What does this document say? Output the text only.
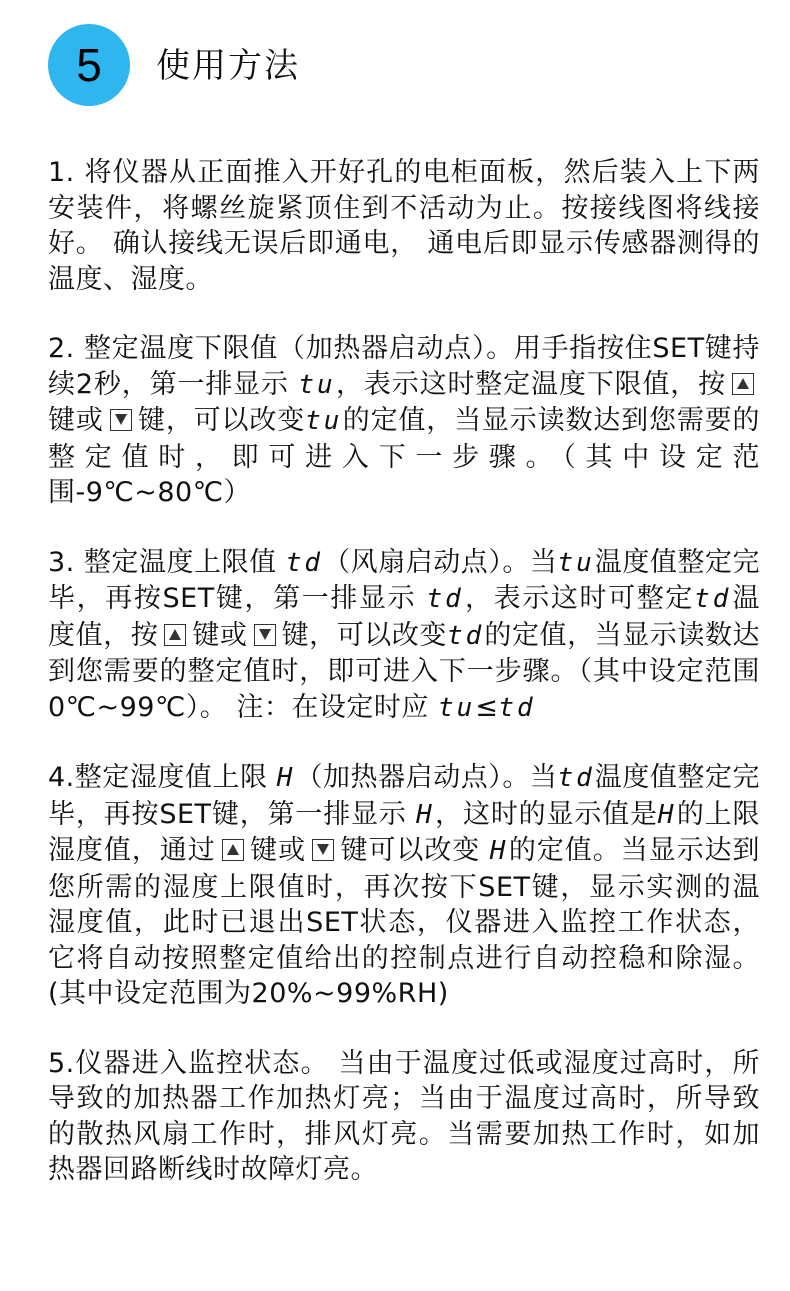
5	使用方法

1. 将仪器从正面推入开好孔的电柜面板，然后装入上下两安装件，将螺丝旋紧顶住到不活动为止。按接线图将线接好。 确认接线无误后即通电， 通电后即显示传感器测得的温度、湿度。

2. 整定温度下限值（加热器启动点）。用手指按住SET键持续2秒，第一排显示 tu，表示这时整定温度下限值，按键或 键，可以改变tu的定值，当显示读数达到您需要的整定值时，即可进入下一步骤。（其中设定范围-9℃~80℃）

3. 整定温度上限值 td（风扇启动点）。当tu温度值整定完毕，再按SET键，第一排显示 td，表示这时可整定td温度值，按 键或 键，可以改变td的定值，当显示读数达到您需要的整定值时，即可进入下一步骤。（其中设定范围0℃~99℃）。 注：在设定时应 tu≤td

4.整定湿度值上限 H（加热器启动点）。当td温度值整定完毕，再按SET键，第一排显示 H，这时的显示值是H的上限湿度值，通过 键或 键可以改变 H的定值。当显示达到您所需的湿度上限值时，再次按下SET键，显示实测的温湿度值，此时已退出SET状态，仪器进入监控工作状态，它将自动按照整定值给出的控制点进行自动控稳和除湿。(其中设定范围为20%~99%RH)

5.仪器进入监控状态。 当由于温度过低或湿度过高时，所导致的加热器工作加热灯亮；当由于温度过高时，所导致的散热风扇工作时，排风灯亮。当需要加热工作时，如加热器回路断线时故障灯亮。
